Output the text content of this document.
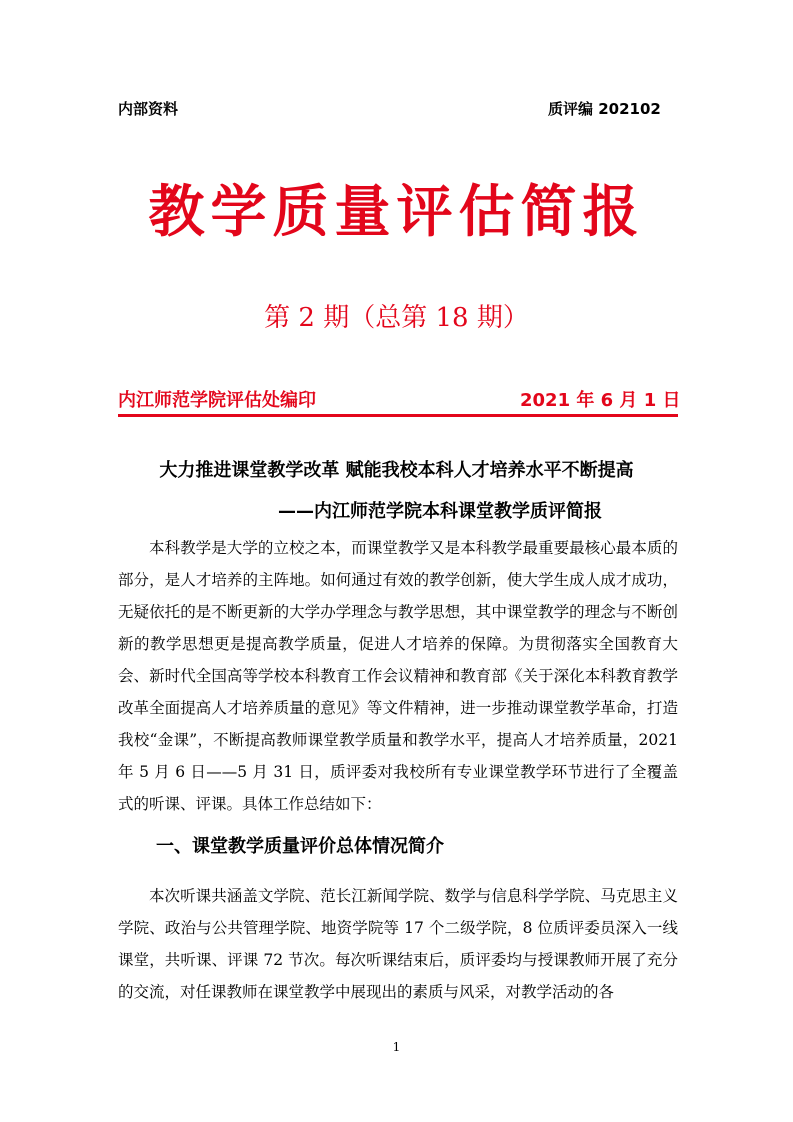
内部资料	质评编 202102
教学质量评估简报
第 2 期（总第 18 期）
内江师范学院评估处编印	2021 年 6 月 1 日
大力推进课堂教学改革 赋能我校本科人才培养水平不断提高
——内江师范学院本科课堂教学质评简报
本科教学是大学的立校之本，而课堂教学又是本科教学最重要最核心最本质的部分，是人才培养的主阵地。如何通过有效的教学创新，使大学生成人成才成功，无疑依托的是不断更新的大学办学理念与教学思想，其中课堂教学的理念与不断创新的教学思想更是提高教学质量，促进人才培养的保障。为贯彻落实全国教育大会、新时代全国高等学校本科教育工作会议精神和教育部《关于深化本科教育教学改革全面提高人才培养质量的意见》等文件精神，进一步推动课堂教学革命，打造我校“金课”，不断提高教师课堂教学质量和教学水平，提高人才培养质量，2021 年 5 月 6 日——5 月 31 日，质评委对我校所有专业课堂教学环节进行了全覆盖式的听课、评课。具体工作总结如下：
一、课堂教学质量评价总体情况简介
本次听课共涵盖文学院、范长江新闻学院、数学与信息科学学院、马克思主义学院、政治与公共管理学院、地资学院等 17 个二级学院，8 位质评委员深入一线课堂，共听课、评课 72 节次。每次听课结束后，质评委均与授课教师开展了充分的交流，对任课教师在课堂教学中展现出的素质与风采，对教学活动的各
1
